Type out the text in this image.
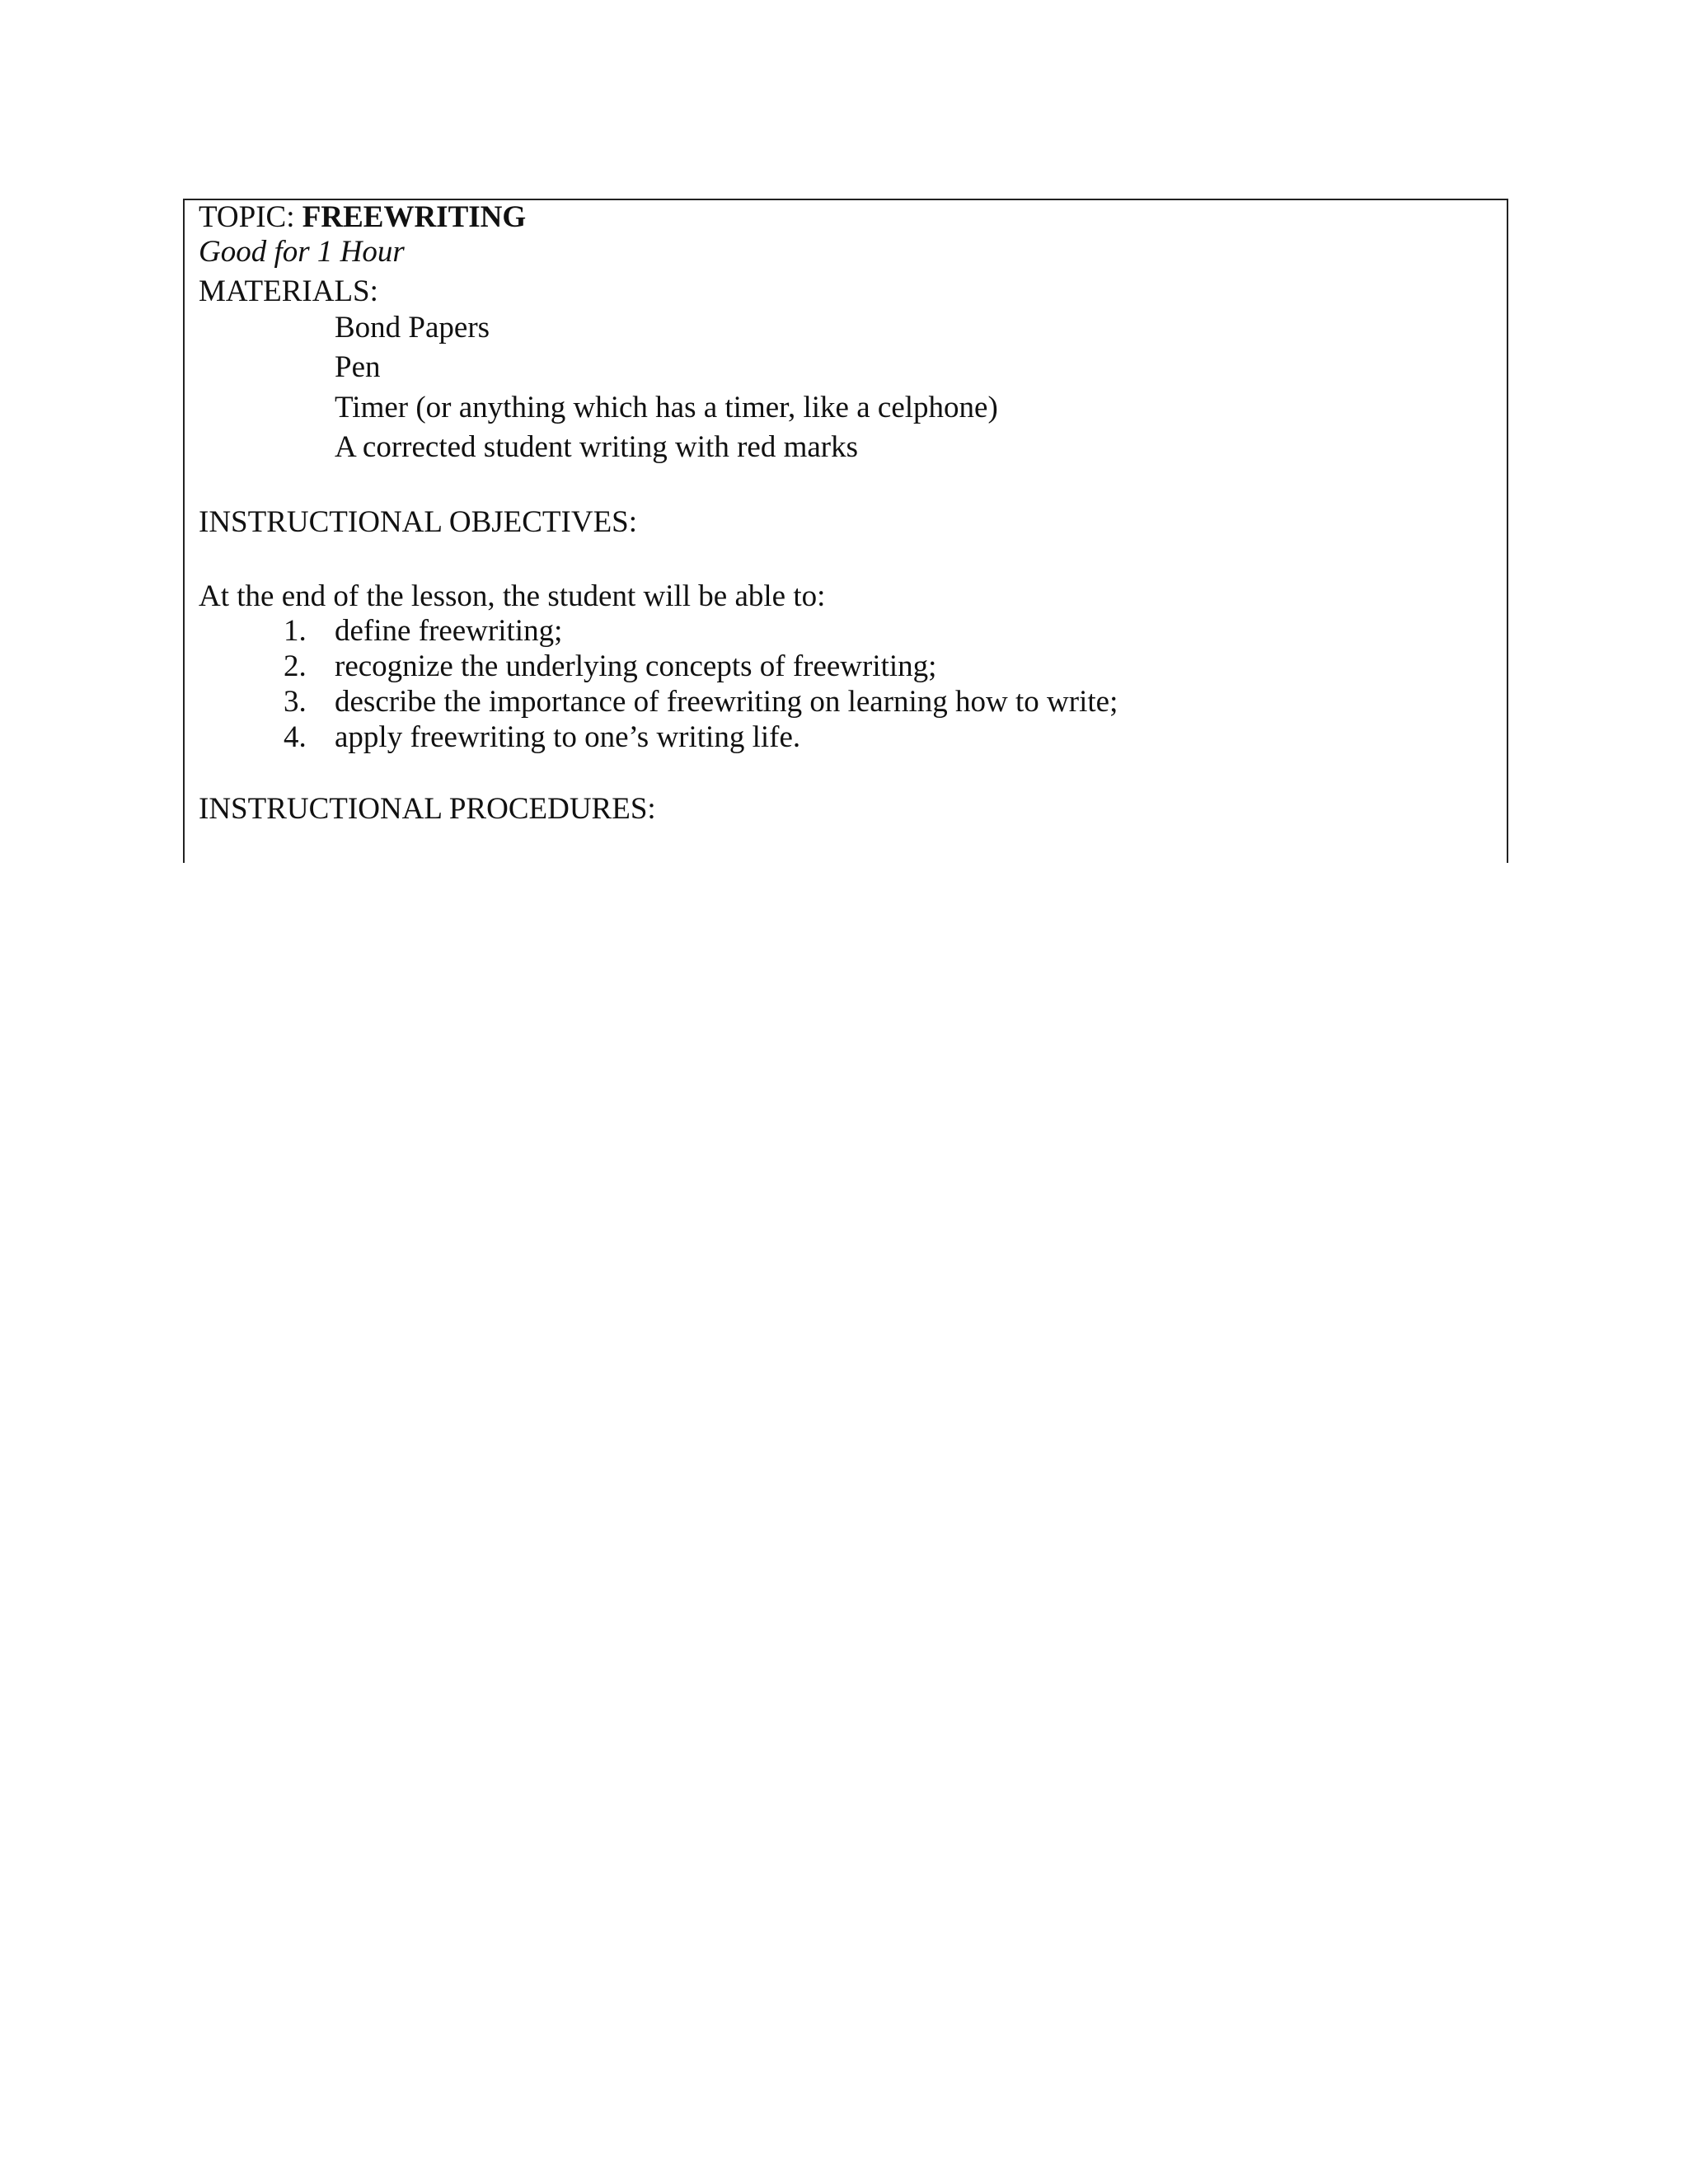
TOPIC: FREEWRITING
Good for 1 Hour
MATERIALS:
Bond Papers
Pen
Timer (or anything which has a timer, like a celphone)
A corrected student writing with red marks
INSTRUCTIONAL OBJECTIVES:
At the end of the lesson, the student will be able to:
1. define freewriting;
2. recognize the underlying concepts of freewriting;
3. describe the importance of freewriting on learning how to write;
4. apply freewriting to one’s writing life.
INSTRUCTIONAL PROCEDURES:
